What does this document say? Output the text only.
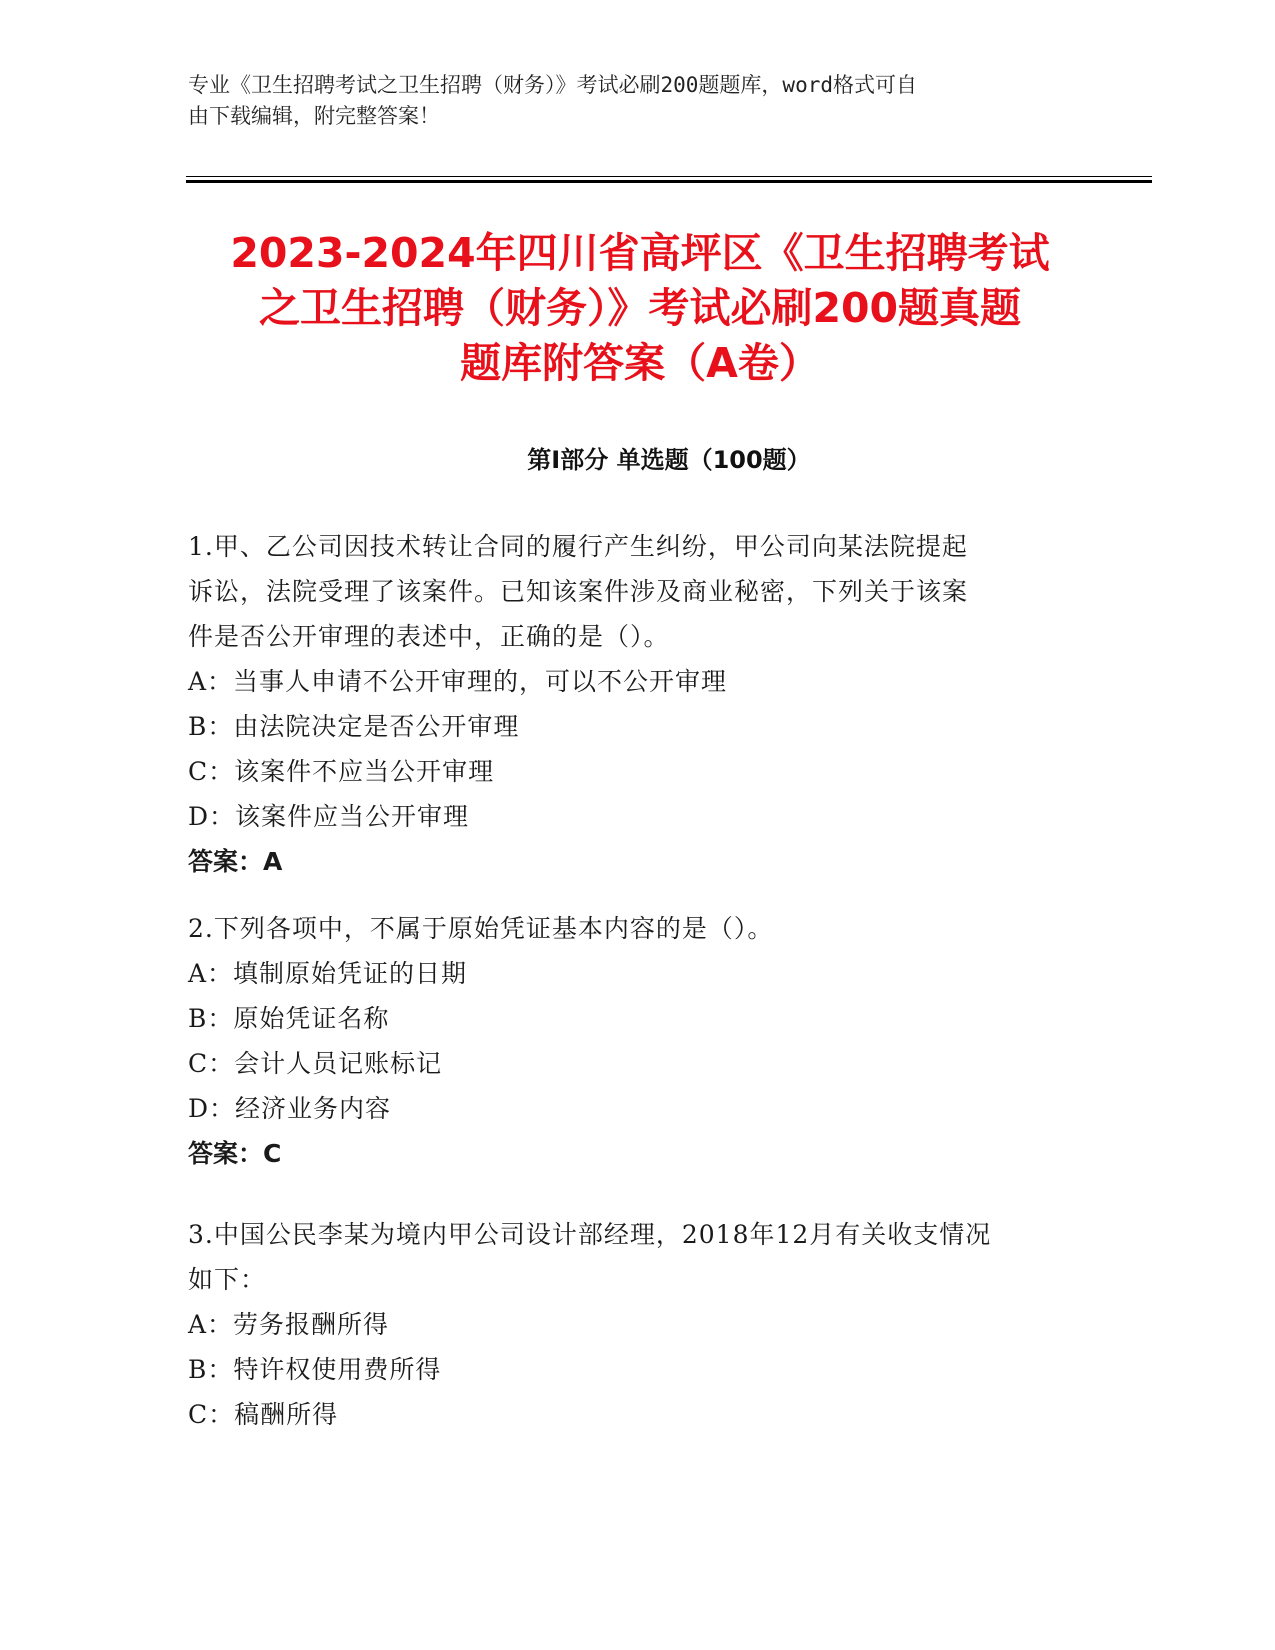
专业《卫生招聘考试之卫生招聘（财务）》考试必刷200题题库，word格式可自
由下载编辑，附完整答案！
2023-2024年四川省高坪区《卫生招聘考试
之卫生招聘（财务）》考试必刷200题真题
题库附答案（A卷）
第I部分 单选题（100题）
1.甲、乙公司因技术转让合同的履行产生纠纷，甲公司向某法院提起
诉讼，法院受理了该案件。已知该案件涉及商业秘密，下列关于该案
件是否公开审理的表述中，正确的是（）。
A：当事人申请不公开审理的，可以不公开审理
B：由法院决定是否公开审理
C：该案件不应当公开审理
D：该案件应当公开审理
答案：A
2.下列各项中，不属于原始凭证基本内容的是（）。
A：填制原始凭证的日期
B：原始凭证名称
C：会计人员记账标记
D：经济业务内容
答案：C
3.中国公民李某为境内甲公司设计部经理，2018年12月有关收支情况
如下：
A：劳务报酬所得
B：特许权使用费所得
C：稿酬所得
